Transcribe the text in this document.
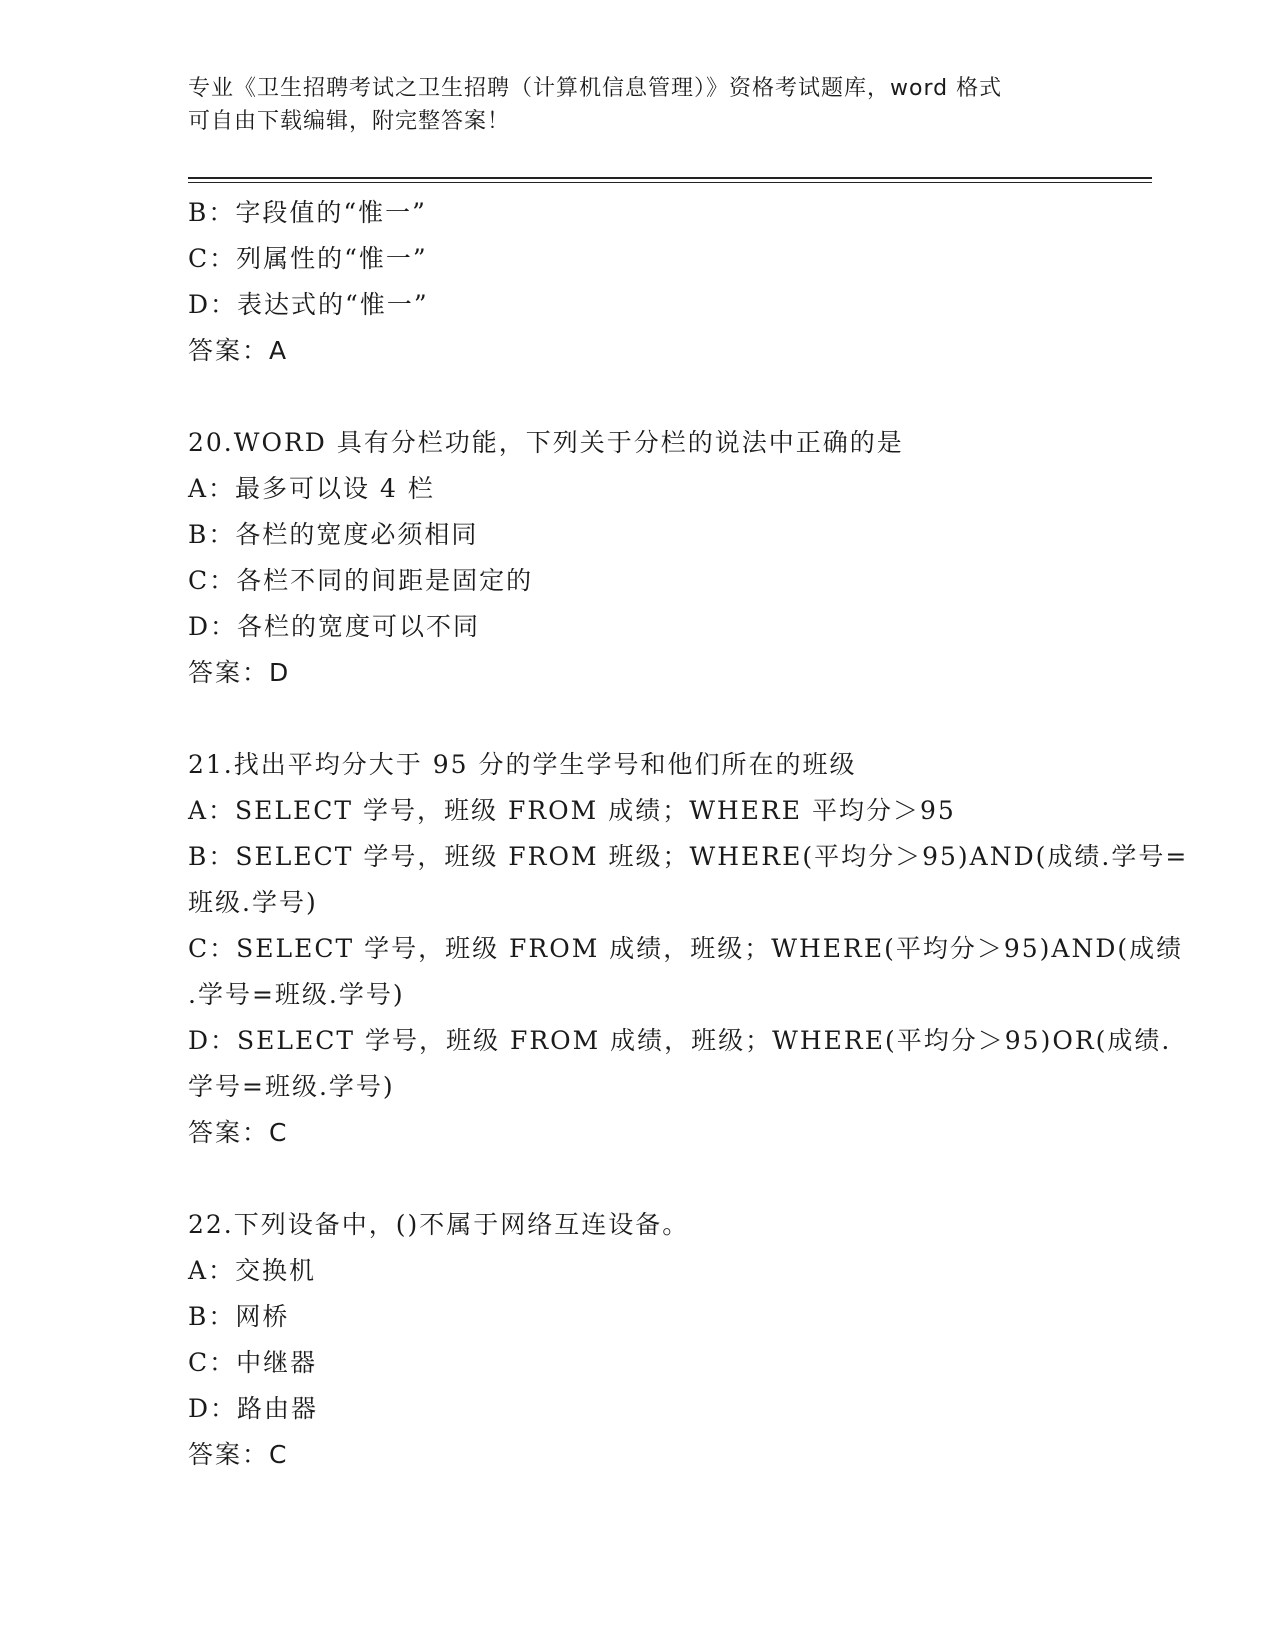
专业《卫生招聘考试之卫生招聘（计算机信息管理）》资格考试题库，word 格式
可自由下载编辑，附完整答案！
B：字段值的“惟一”
C：列属性的“惟一”
D：表达式的“惟一”
答案：A
20.WORD 具有分栏功能，下列关于分栏的说法中正确的是
A：最多可以设 4 栏
B：各栏的宽度必须相同
C：各栏不同的间距是固定的
D：各栏的宽度可以不同
答案：D
21.找出平均分大于 95 分的学生学号和他们所在的班级
A：SELECT 学号，班级 FROM 成绩；WHERE 平均分＞95
B：SELECT 学号，班级 FROM 班级；WHERE(平均分＞95)AND(成绩.学号=
班级.学号)
C：SELECT 学号，班级 FROM 成绩，班级；WHERE(平均分＞95)AND(成绩
.学号=班级.学号)
D：SELECT 学号，班级 FROM 成绩，班级；WHERE(平均分＞95)OR(成绩.
学号=班级.学号)
答案：C
22.下列设备中，()不属于网络互连设备。
A：交换机
B：网桥
C：中继器
D：路由器
答案：C
